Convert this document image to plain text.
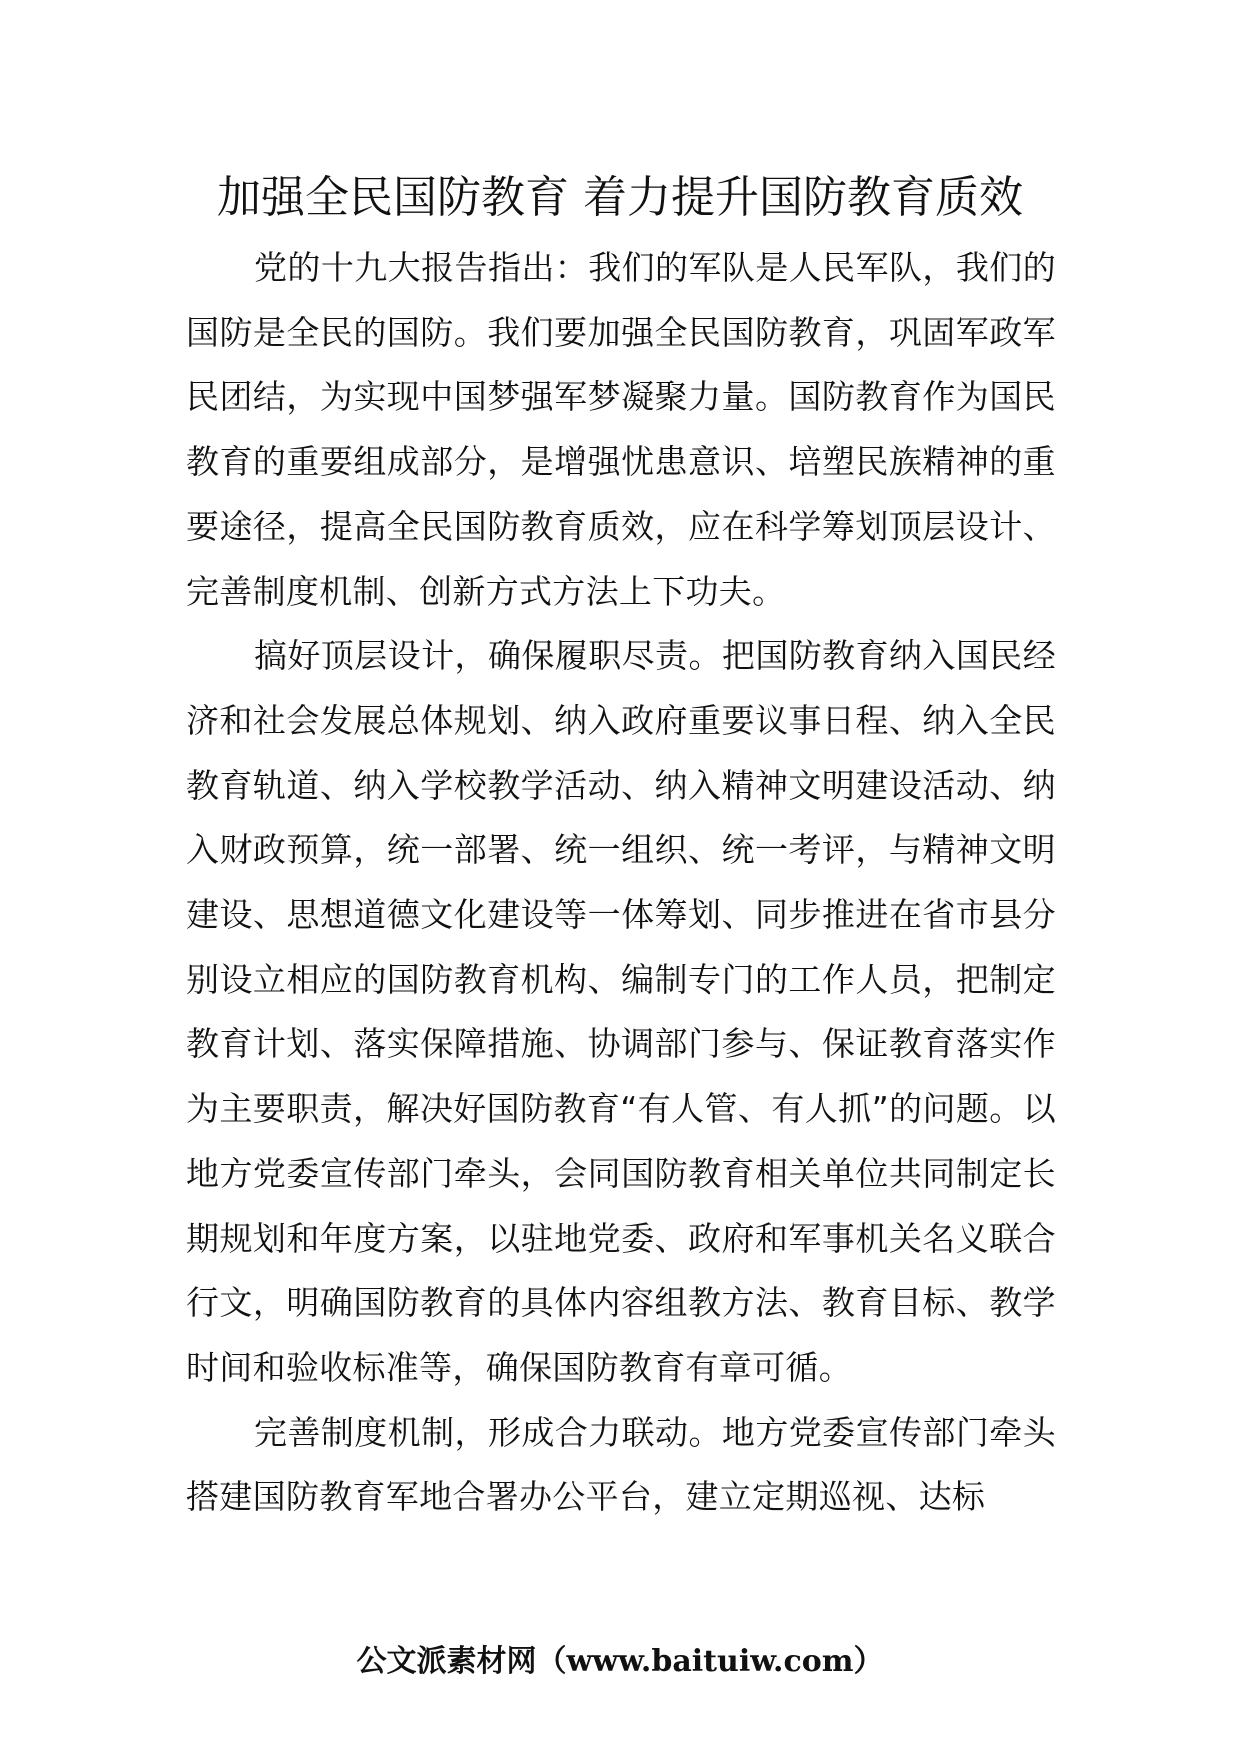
加强全民国防教育 着力提升国防教育质效

党的十九大报告指出：我们的军队是人民军队，我们的国防是全民的国防。我们要加强全民国防教育，巩固军政军民团结，为实现中国梦强军梦凝聚力量。国防教育作为国民教育的重要组成部分，是增强忧患意识、培塑民族精神的重要途径，提高全民国防教育质效，应在科学筹划顶层设计、完善制度机制、创新方式方法上下功夫。

搞好顶层设计，确保履职尽责。把国防教育纳入国民经济和社会发展总体规划、纳入政府重要议事日程、纳入全民教育轨道、纳入学校教学活动、纳入精神文明建设活动、纳入财政预算，统一部署、统一组织、统一考评，与精神文明建设、思想道德文化建设等一体筹划、同步推进在省市县分别设立相应的国防教育机构、编制专门的工作人员，把制定教育计划、落实保障措施、协调部门参与、保证教育落实作为主要职责，解决好国防教育“有人管、有人抓”的问题。以地方党委宣传部门牵头，会同国防教育相关单位共同制定长期规划和年度方案，以驻地党委、政府和军事机关名义联合行文，明确国防教育的具体内容组教方法、教育目标、教学时间和验收标准等，确保国防教育有章可循。

完善制度机制，形成合力联动。地方党委宣传部门牵头搭建国防教育军地合署办公平台，建立定期巡视、达标

公文派素材网（www.baituiw.com）
